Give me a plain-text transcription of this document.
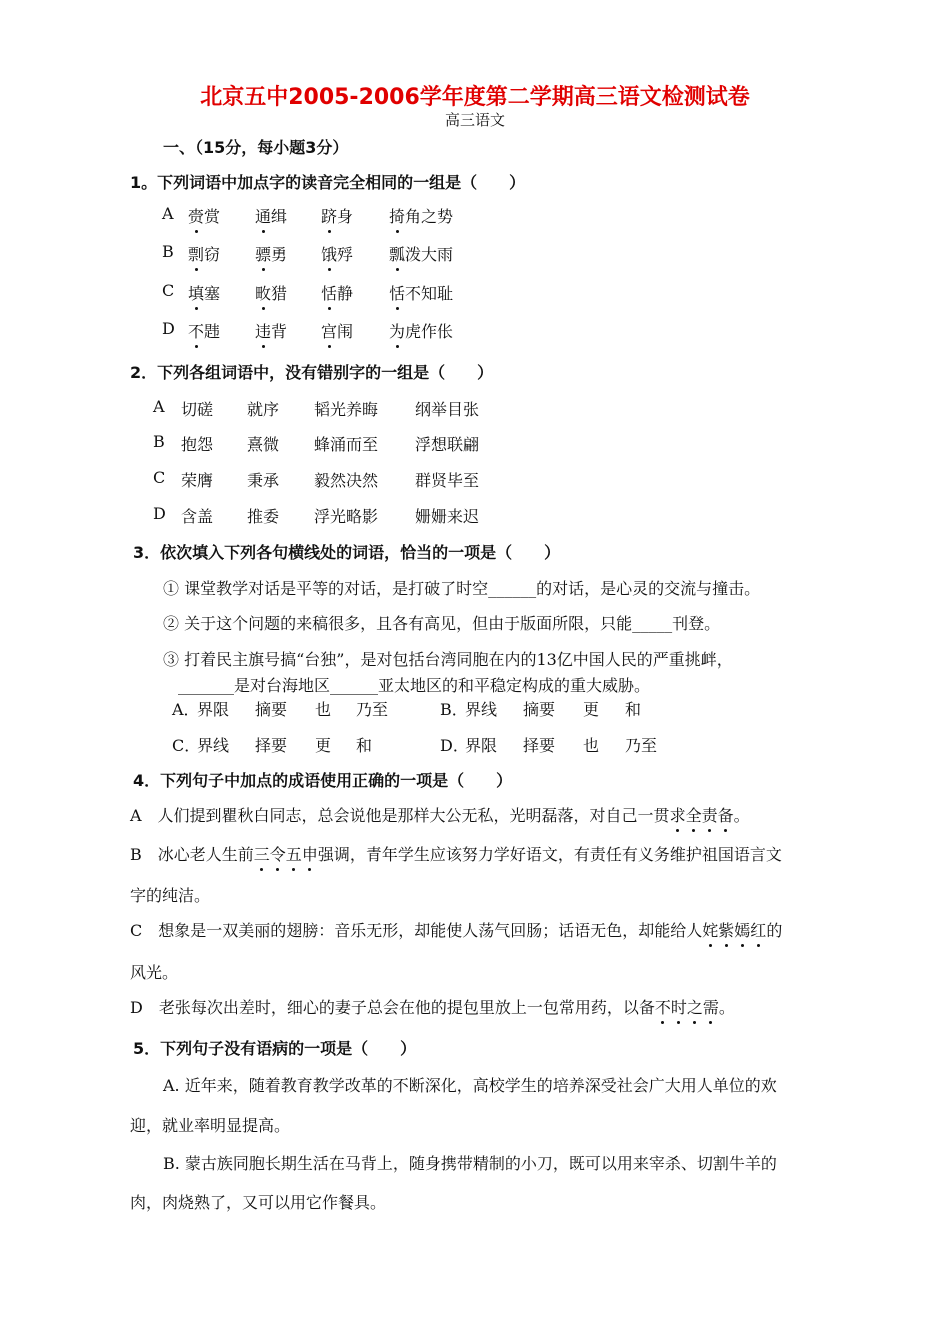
北京五中2005-2006学年度第二学期高三语文检测试卷
高三语文
一、（15分，每小题3分）
1。下列词语中加点字的读音完全相同的一组是（　　）
A 赍赏 通缉 跻身 掎角之势
B 剽窃 骠勇 饿殍 瓢泼大雨
C 填塞 畋猎 恬静 恬不知耻
D 不韪 违背 宫闱 为虎作伥
2．下列各组词语中，没有错别字的一组是（　　）
A 切磋 就序 韬光养晦 纲举目张
B 抱怨 熹微 蜂涌而至 浮想联翩
C 荣膺 秉承 毅然决然 群贤毕至
D 含盖 推委 浮光略影 姗姗来迟
3．依次填入下列各句横线处的词语，恰当的一项是（　　）
① 课堂教学对话是平等的对话，是打破了时空______的对话，是心灵的交流与撞击。
② 关于这个问题的来稿很多，且各有高见，但由于版面所限，只能_____刊登。
③ 打着民主旗号搞“台独”，是对包括台湾同胞在内的13亿中国人民的严重挑衅，
_______是对台海地区______亚太地区的和平稳定构成的重大威胁。
A．
界限 摘要 也 乃至	B．
界线 摘要 更 和
C．
界线 择要 更 和	D．
界限 择要 也 乃至
4．下列句子中加点的成语使用正确的一项是（　　）
A　人们提到瞿秋白同志，总会说他是那样大公无私，光明磊落，对自己一贯求全责备。
B　冰心老人生前三令五申强调，青年学生应该努力学好语文，有责任有义务维护祖国语言文
字的纯洁。
C　想象是一双美丽的翅膀：音乐无形，却能使人荡气回肠；话语无色，却能给人姹紫嫣红的
风光。
D　老张每次出差时，细心的妻子总会在他的提包里放上一包常用药，以备不时之需。
5．下列句子没有语病的一项是（　　）
A. 近年来，随着教育教学改革的不断深化，高校学生的培养深受社会广大用人单位的欢
迎，就业率明显提高。
B. 蒙古族同胞长期生活在马背上，随身携带精制的小刀，既可以用来宰杀、切割牛羊的
肉，肉烧熟了，又可以用它作餐具。
